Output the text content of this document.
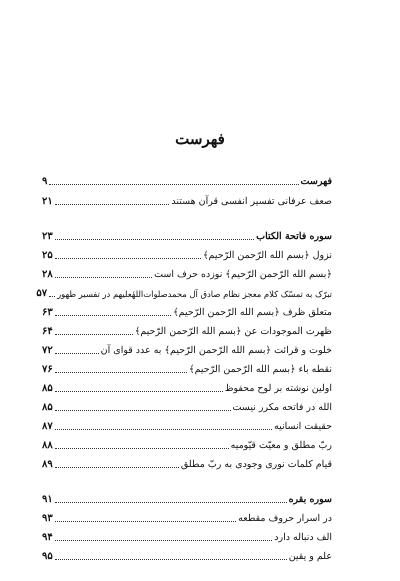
فهرست
فهرست
۹
صعف عرفانی تفسیر انفسی قرآن هستند
۲۱
سوره فاتحة الكتاب
۲۳
نزول ﴿بسم الله الرّحمن الرّحيم﴾
۲۵
﴿بسم الله الرّحمن الرّحيم﴾ نوزده حرف است
۲۸
تبرّک به تمسّک کلام معجز نظام صادق آل محمدصلوات‌اللهٔعليهم در تفسير طهور
۵۷
متعلق ظرف ﴿بسم الله الرّحمن الرّحيم﴾
۶۳
ظهرت الموجودات عن ﴿بسم الله الرّحمن الرّحيم﴾
۶۴
خلوت و قرائت ﴿بسم الله الرّحمن الرّحيم﴾ به عدد قوای آن
۷۲
نقطه باء ﴿بسم الله الرّحمن الرّحيم﴾
۷۶
اولین نوشته بر لوح محفوظ
۸۵
الله در فاتحه مكرر نيست
۸۵
حقيقت انسانيه
۸۷
ربّ مطلق و معيّت قيّوميه
۸۸
قيام كلمات نوری وجودی به ربّ مطلق
۸۹
سوره بقره
۹۱
در اسرار حروف مقطعه
۹۳
الف دنباله دارد
۹۴
علم و يقين
۹۵
